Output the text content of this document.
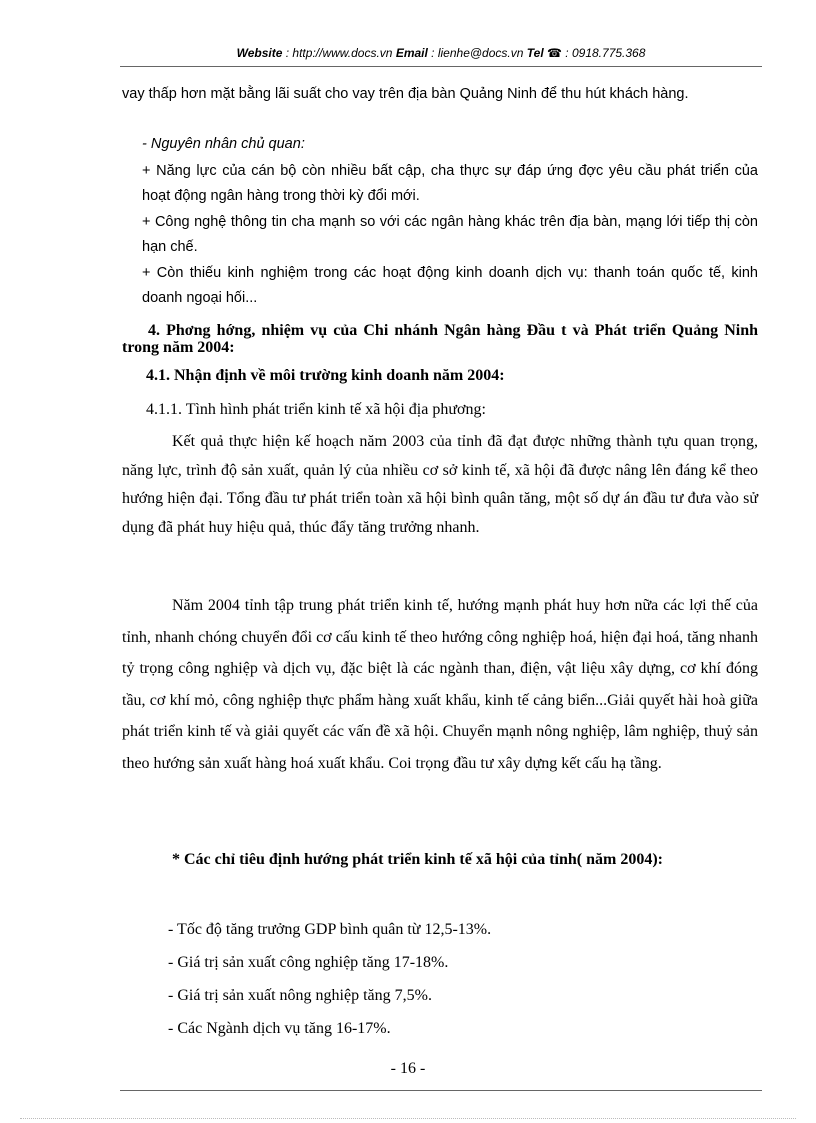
Website : http://www.docs.vn Email : lienhe@docs.vn Tel ☎ : 0918.775.368
vay thấp hơn mặt bằng lãi suất cho vay trên địa bàn Quảng Ninh để thu hút khách hàng.
- Nguyên nhân chủ quan:
+ Năng lực của cán bộ còn nhiều bất cập, cha thực sự đáp ứng đợc yêu cầu phát triển của hoạt động ngân hàng trong thời kỳ đổi mới.
+ Công nghệ thông tin cha mạnh so với các ngân hàng khác trên địa bàn, mạng lới tiếp thị còn hạn chế.
+ Còn thiếu kinh nghiệm trong các hoạt động kinh doanh dịch vụ: thanh toán quốc tế, kinh doanh ngoại hối...
4. Phơng hớng, nhiệm vụ của Chi nhánh Ngân hàng Đầu t và Phát triển Quảng Ninh trong năm 2004:
4.1. Nhận định về môi trường kinh doanh năm 2004:
4.1.1. Tình hình phát triển kinh tế xã hội địa phương:
Kết quả thực hiện kế hoạch năm 2003 của tỉnh đã đạt được những thành tựu quan trọng, năng lực, trình độ sản xuất, quản lý của nhiều cơ sở kinh tế, xã hội đã được nâng lên đáng kể theo hướng hiện đại. Tổng đầu tư phát triển toàn xã hội bình quân tăng, một số dự án đầu tư đưa vào sử dụng đã phát huy hiệu quả, thúc đẩy tăng trưởng nhanh.
Năm 2004 tỉnh tập trung phát triển kinh tế, hướng mạnh phát huy hơn nữa các lợi thế của tỉnh, nhanh chóng chuyển đổi cơ cấu kinh tế theo hướng công nghiệp hoá, hiện đại hoá, tăng nhanh tỷ trọng công nghiệp và dịch vụ, đặc biệt là các ngành than, điện, vật liệu xây dựng, cơ khí đóng tầu, cơ khí mỏ, công nghiệp thực phẩm hàng xuất khẩu, kinh tế cảng biển...Giải quyết hài hoà giữa phát triển kinh tế và giải quyết các vấn đề xã hội. Chuyển mạnh nông nghiệp, lâm nghiệp, thuỷ sản theo hướng sản xuất hàng hoá xuất khẩu. Coi trọng đầu tư xây dựng kết cấu hạ tầng.
* Các chỉ tiêu định hướng phát triển kinh tế xã hội của tỉnh( năm 2004):
- Tốc độ tăng trưởng GDP bình quân từ 12,5-13%.
- Giá trị sản xuất công nghiệp tăng 17-18%.
- Giá trị sản xuất nông nghiệp tăng 7,5%.
- Các Ngành dịch vụ tăng 16-17%.
- 16 -
